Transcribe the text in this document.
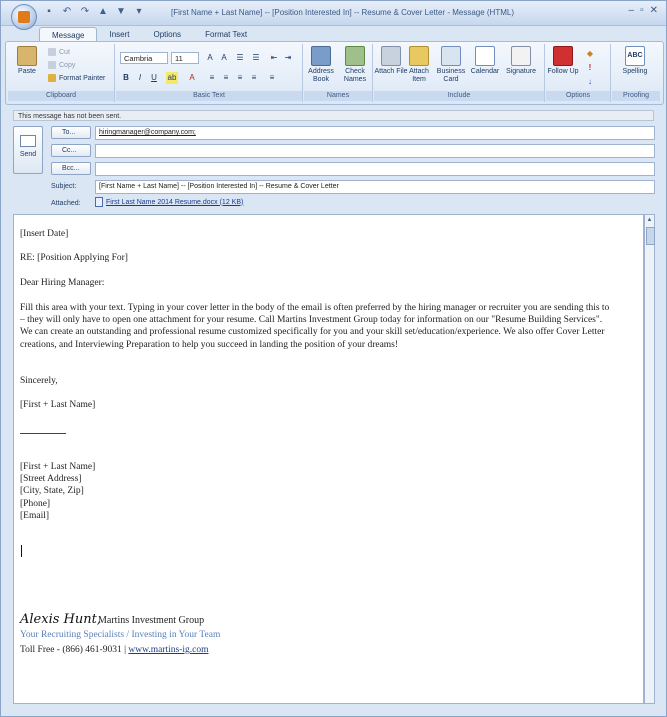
▪	↶ ↷ ▲ ▼	▾	[First Name + Last Name] -- [Position Interested In] -- Resume & Cover Letter - Message (HTML)	– ▫ ✕
Message	Insert	Options	Format Text
Paste
Cut
Copy
Format Painter
Clipboard
Cambria	11	A	A	☰	☰	⇤ ⇥
B	I	U	ab	A	≡	≡	≡	≡	≡
Basic Text
Address Book
Check Names
Names
Attach File Attach Item
Business Card
Calendar Signature
Include
Follow Up
◆
!
↓
Options
ABC
Spelling
Proofing
This message has not been sent.
Send
To...	hiringmanager@company.com;
Cc...
Bcc...
Subject:	[First Name + Last Name] -- [Position Interested In] -- Resume & Cover Letter
Attached:	First Last Name 2014 Resume.docx (12 KB)
[Insert Date]
RE: [Position Applying For]
Dear Hiring Manager:
Fill this area with your text. Typing in your cover letter in the body of the email is often preferred by the hiring manager or recruiter you are sending this to – they will only have to open one attachment for your resume. Call Martins Investment Group today for information on our "Resume Building Services". We can create an outstanding and professional resume customized specifically for you and your skill set/education/experience. We also offer Cover Letter creations, and Interviewing Preparation to help you succeed in landing the position of your dreams!
Sincerely,
[First + Last Name]
[First + Last Name]
[Street Address]
[City, State, Zip]
[Phone]
[Email]
Alexis Hunt,
Martins Investment Group
Your Recruiting Specialists / Investing in Your Team
Toll Free - (866) 461-9031 | www.martins-ig.com
▲
